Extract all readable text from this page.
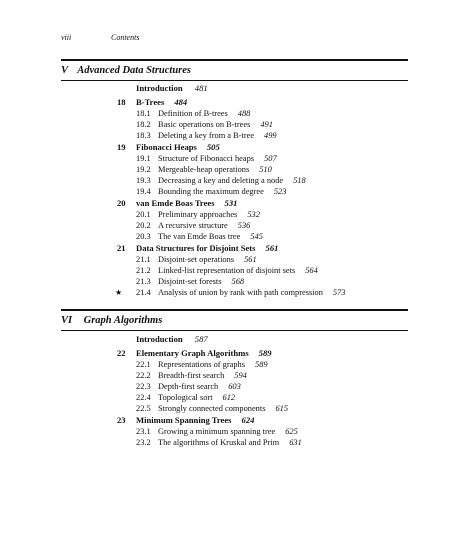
viii	Contents
V Advanced Data Structures
Introduction 481
18 B-Trees 484
18.1 Definition of B-trees 488
18.2 Basic operations on B-trees 491
18.3 Deleting a key from a B-tree 499
19 Fibonacci Heaps 505
19.1 Structure of Fibonacci heaps 507
19.2 Mergeable-heap operations 510
19.3 Decreasing a key and deleting a node 518
19.4 Bounding the maximum degree 523
20 van Emde Boas Trees 531
20.1 Preliminary approaches 532
20.2 A recursive structure 536
20.3 The van Emde Boas tree 545
21 Data Structures for Disjoint Sets 561
21.1 Disjoint-set operations 561
21.2 Linked-list representation of disjoint sets 564
21.3 Disjoint-set forests 568
★ 21.4 Analysis of union by rank with path compression 573
VI Graph Algorithms
Introduction 587
22 Elementary Graph Algorithms 589
22.1 Representations of graphs 589
22.2 Breadth-first search 594
22.3 Depth-first search 603
22.4 Topological sort 612
22.5 Strongly connected components 615
23 Minimum Spanning Trees 624
23.1 Growing a minimum spanning tree 625
23.2 The algorithms of Kruskal and Prim 631
